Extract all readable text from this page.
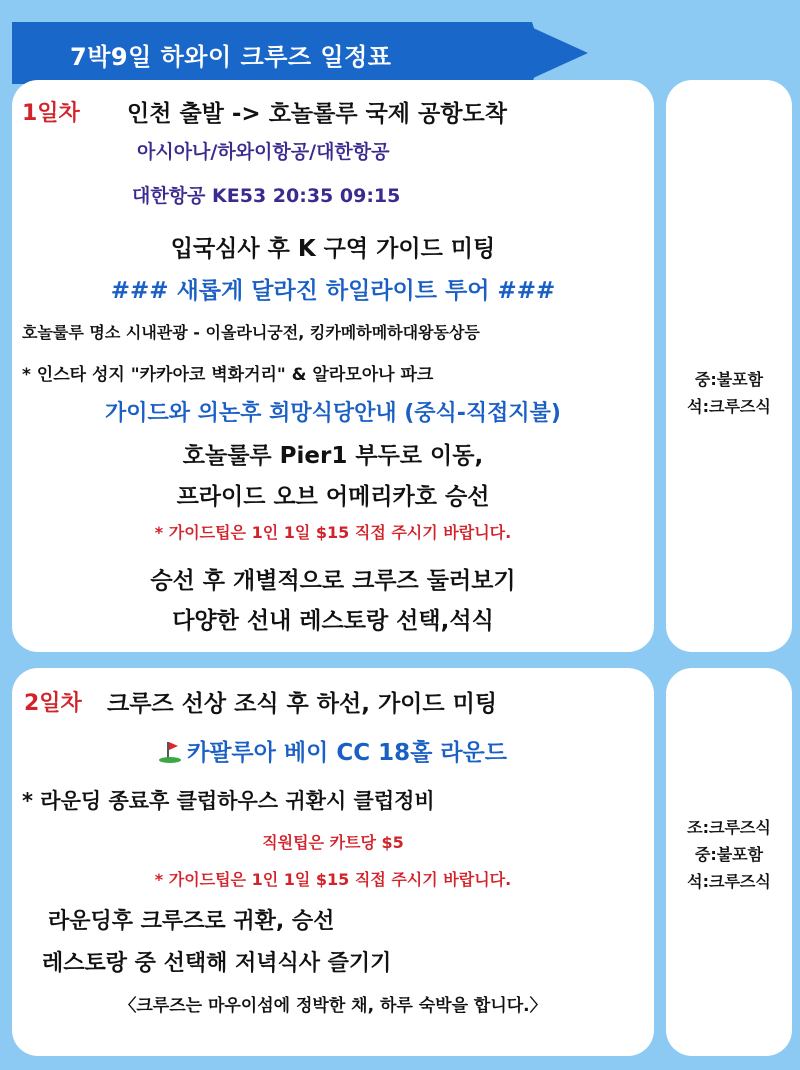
7박9일 하와이 크루즈 일정표
1일차 인천 출발 -> 호놀롤루 국제 공항도착
아시아나/하와이항공/대한항공
대한항공 KE53 20:35 09:15
입국심사 후 K 구역 가이드 미팅
### 새롭게 달라진 하일라이트 투어 ###
호놀룰루 명소 시내관광 - 이올라니궁전, 킹카메하메하대왕동상등
* 인스타 성지 "카카아코 벽화거리" & 알라모아나 파크
가이드와 의논후 희망식당안내 (중식-직접지불)
호놀룰루 Pier1 부두로 이동,
프라이드 오브 어메리카호 승선
* 가이드팁은 1인 1일 $15 직접 주시기 바랍니다.
승선 후 개별적으로 크루즈 둘러보기
다양한 선내 레스토랑 선택,석식
중:불포함
석:크루즈식
2일차 크루즈 선상 조식 후 하선, 가이드 미팅
카팔루아 베이 CC 18홀 라운드
* 라운딩 종료후 클럽하우스 귀환시 클럽정비
직원팁은 카트당 $5
* 가이드팁은 1인 1일 $15 직접 주시기 바랍니다.
라운딩후 크루즈로 귀환, 승선
레스토랑 중 선택해 저녁식사 즐기기
〈크루즈는 마우이섬에 정박한 채, 하루 숙박을 합니다.〉
조:크루즈식
중:불포함
석:크루즈식
